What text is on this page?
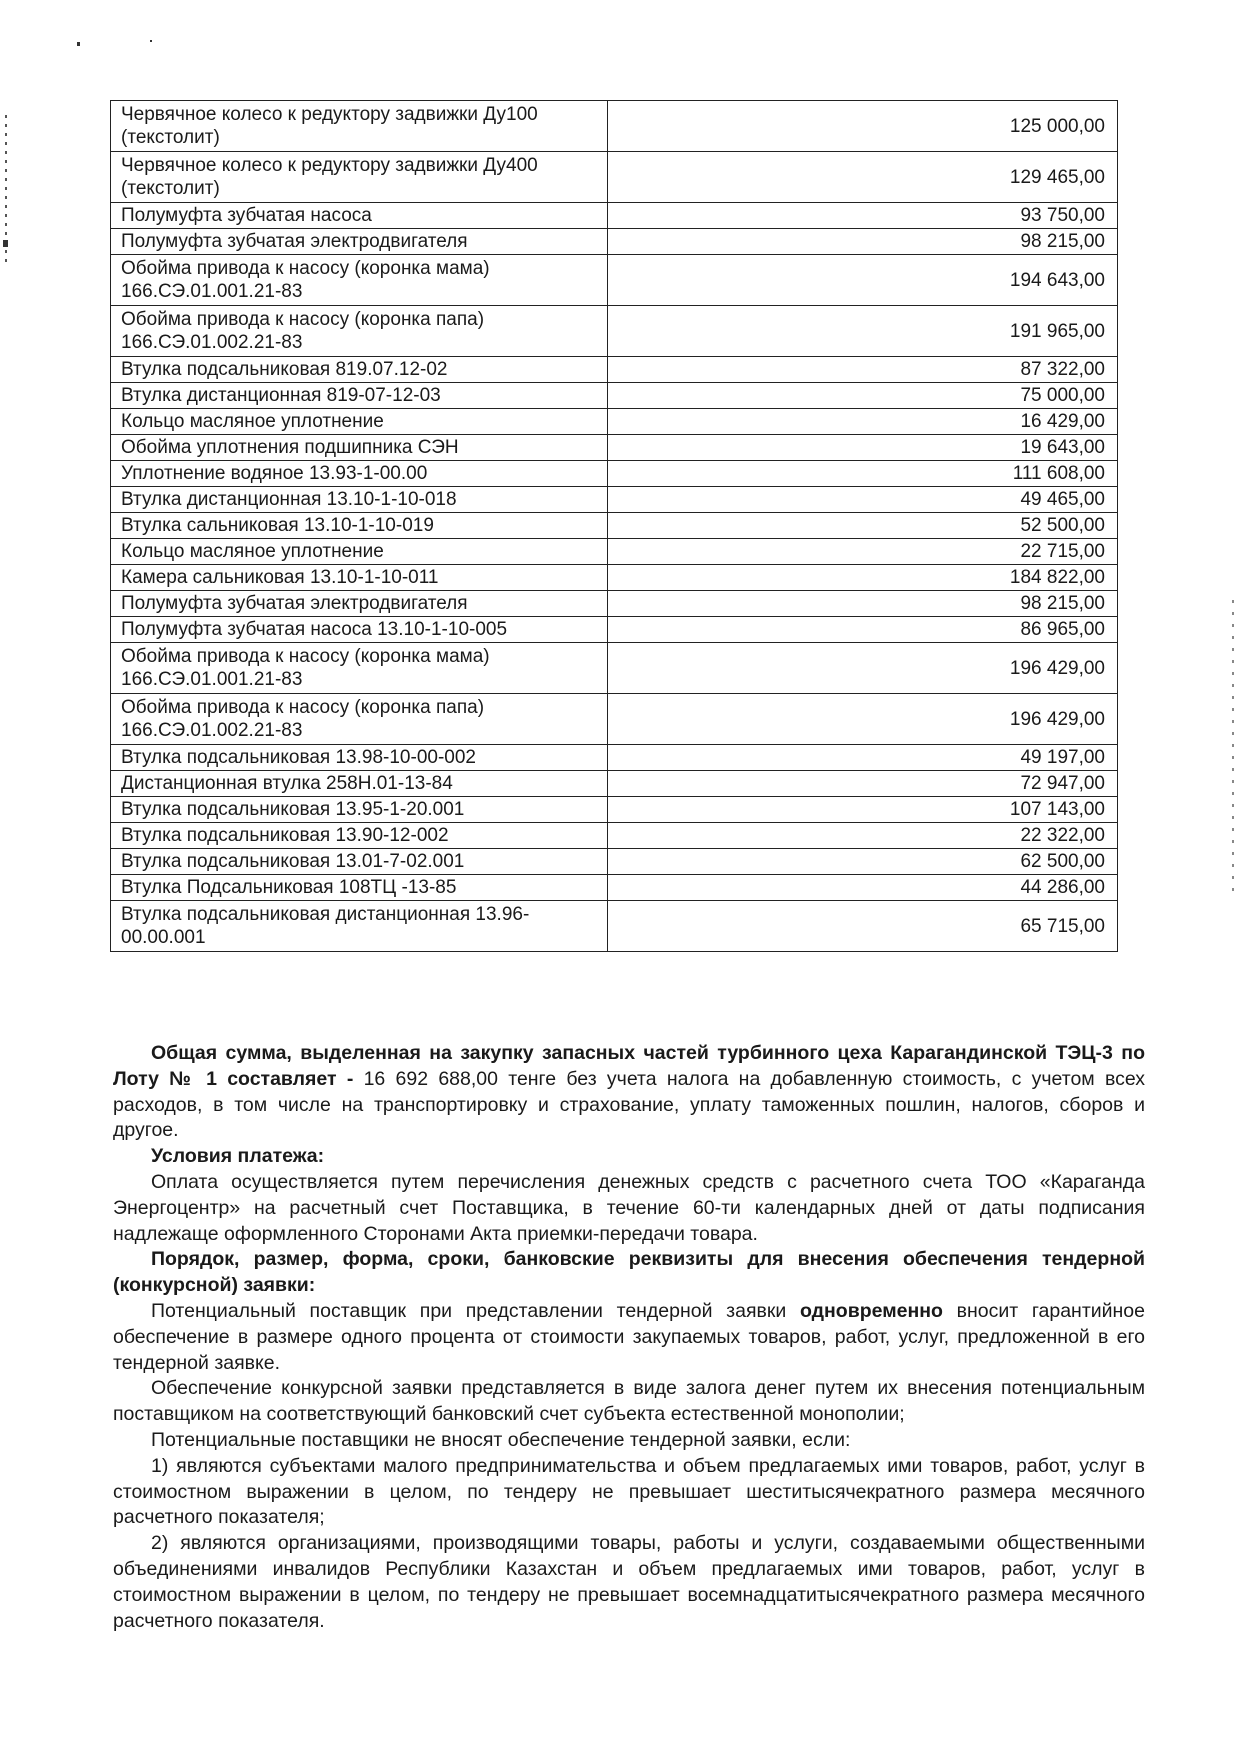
Червячное колесо к редуктору задвижки Ду100 (текстолит)	125 000,00
Червячное колесо к редуктору задвижки Ду400 (текстолит)	129 465,00
Полумуфта зубчатая насоса	93 750,00
Полумуфта зубчатая электродвигателя	98 215,00
Обойма привода к насосу (коронка мама) 166.СЭ.01.001.21-83	194 643,00
Обойма привода к насосу (коронка папа) 166.СЭ.01.002.21-83	191 965,00
Втулка подсальниковая 819.07.12-02	87 322,00
Втулка дистанционная 819-07-12-03	75 000,00
Кольцо масляное уплотнение	16 429,00
Обойма уплотнения подшипника СЭН	19 643,00
Уплотнение водяное 13.93-1-00.00	111 608,00
Втулка дистанционная 13.10-1-10-018	49 465,00
Втулка сальниковая 13.10-1-10-019	52 500,00
Кольцо масляное уплотнение	22 715,00
Камера сальниковая 13.10-1-10-011	184 822,00
Полумуфта зубчатая электродвигателя	98 215,00
Полумуфта зубчатая насоса 13.10-1-10-005	86 965,00
Обойма привода к насосу (коронка мама) 166.СЭ.01.001.21-83	196 429,00
Обойма привода к насосу (коронка папа) 166.СЭ.01.002.21-83	196 429,00
Втулка подсальниковая 13.98-10-00-002	49 197,00
Дистанционная втулка 258Н.01-13-84	72 947,00
Втулка подсальниковая 13.95-1-20.001	107 143,00
Втулка подсальниковая 13.90-12-002	22 322,00
Втулка подсальниковая 13.01-7-02.001	62 500,00
Втулка Подсальниковая 108ТЦ -13-85	44 286,00
Втулка подсальниковая дистанционная 13.96-00.00.001	65 715,00

Общая сумма, выделенная на закупку запасных частей турбинного цеха Карагандинской ТЭЦ-3 по Лоту № 1 составляет - 16 692 688,00 тенге без учета налога на добавленную стоимость, с учетом всех расходов, в том числе на транспортировку и страхование, уплату таможенных пошлин, налогов, сборов и другое.

Условия платежа:

Оплата осуществляется путем перечисления денежных средств с расчетного счета ТОО «Караганда Энергоцентр» на расчетный счет Поставщика, в течение 60-ти календарных дней от даты подписания надлежаще оформленного Сторонами Акта приемки-передачи товара.

Порядок, размер, форма, сроки, банковские реквизиты для внесения обеспечения тендерной (конкурсной) заявки:

Потенциальный поставщик при представлении тендерной заявки одновременно вносит гарантийное обеспечение в размере одного процента от стоимости закупаемых товаров, работ, услуг, предложенной в его тендерной заявке.

Обеспечение конкурсной заявки представляется в виде залога денег путем их внесения потенциальным поставщиком на соответствующий банковский счет субъекта естественной монополии;

Потенциальные поставщики не вносят обеспечение тендерной заявки, если:

1) являются субъектами малого предпринимательства и объем предлагаемых ими товаров, работ, услуг в стоимостном выражении в целом, по тендеру не превышает шеститысячекратного размера месячного расчетного показателя;

2) являются организациями, производящими товары, работы и услуги, создаваемыми общественными объединениями инвалидов Республики Казахстан и объем предлагаемых ими товаров, работ, услуг в стоимостном выражении в целом, по тендеру не превышает восемнадцатитысячекратного размера месячного расчетного показателя.
